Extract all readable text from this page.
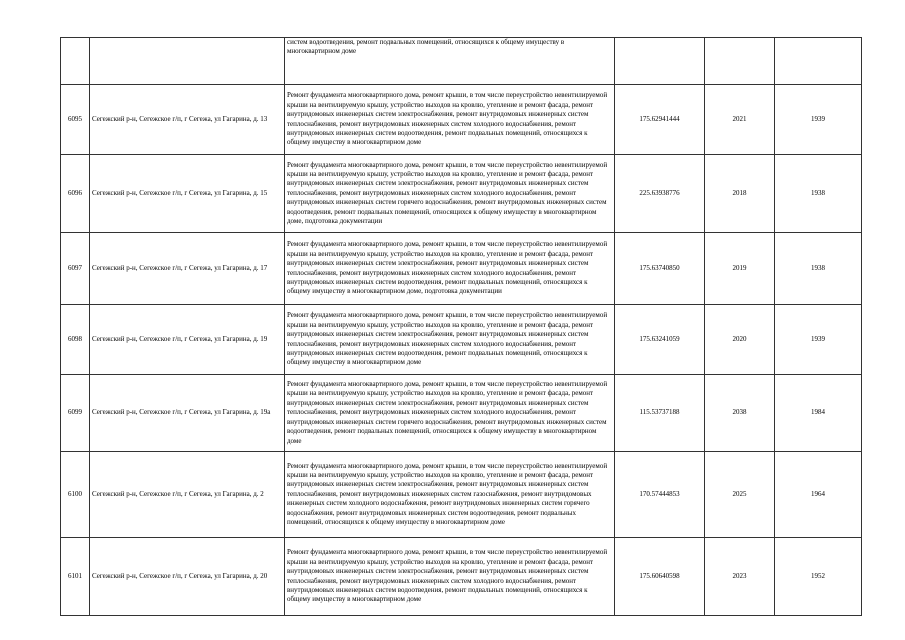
		систем водоотведения, ремонт подвальных помещений, относящихся к общему имуществу в многоквартирном доме			
6095	Сегежский р-н, Сегежское г/п, г Сегежа, ул Гагарина, д. 13	Ремонт фундамента многоквартирного дома, ремонт крыши, в том числе переустройство невентилируемой крыши на вентилируемую крышу, устройство выходов на кровлю, утепление и ремонт фасада, ремонт внутридомовых инженерных систем электроснабжения, ремонт внутридомовых инженерных систем теплоснабжения, ремонт внутридомовых инженерных систем холодного водоснабжения, ремонт внутридомовых инженерных систем водоотведения, ремонт подвальных помещений, относящихся к общему имуществу в многоквартирном доме	175.62941444	2021	1939
6096	Сегежский р-н, Сегежское г/п, г Сегежа, ул Гагарина, д. 15	Ремонт фундамента многоквартирного дома, ремонт крыши, в том числе переустройство невентилируемой крыши на вентилируемую крышу, устройство выходов на кровлю, утепление и ремонт фасада, ремонт внутридомовых инженерных систем электроснабжения, ремонт внутридомовых инженерных систем теплоснабжения, ремонт внутридомовых инженерных систем холодного водоснабжения, ремонт внутридомовых инженерных систем горячего водоснабжения, ремонт внутридомовых инженерных систем водоотведения, ремонт подвальных помещений, относящихся к общему имуществу в многоквартирном доме, подготовка документации	225.63938776	2018	1938
6097	Сегежский р-н, Сегежское г/п, г Сегежа, ул Гагарина, д. 17	Ремонт фундамента многоквартирного дома, ремонт крыши, в том числе переустройство невентилируемой крыши на вентилируемую крышу, устройство выходов на кровлю, утепление и ремонт фасада, ремонт внутридомовых инженерных систем электроснабжения, ремонт внутридомовых инженерных систем теплоснабжения, ремонт внутридомовых инженерных систем холодного водоснабжения, ремонт внутридомовых инженерных систем водоотведения, ремонт подвальных помещений, относящихся к общему имуществу в многоквартирном доме, подготовка документации	175.63740850	2019	1938
6098	Сегежский р-н, Сегежское г/п, г Сегежа, ул Гагарина, д. 19	Ремонт фундамента многоквартирного дома, ремонт крыши, в том числе переустройство невентилируемой крыши на вентилируемую крышу, устройство выходов на кровлю, утепление и ремонт фасада, ремонт внутридомовых инженерных систем электроснабжения, ремонт внутридомовых инженерных систем теплоснабжения, ремонт внутридомовых инженерных систем холодного водоснабжения, ремонт внутридомовых инженерных систем водоотведения, ремонт подвальных помещений, относящихся к общему имуществу в многоквартирном доме	175.63241059	2020	1939
6099	Сегежский р-н, Сегежское г/п, г Сегежа, ул Гагарина, д. 19а	Ремонт фундамента многоквартирного дома, ремонт крыши, в том числе переустройство невентилируемой крыши на вентилируемую крышу, устройство выходов на кровлю, утепление и ремонт фасада, ремонт внутридомовых инженерных систем электроснабжения, ремонт внутридомовых инженерных систем теплоснабжения, ремонт внутридомовых инженерных систем холодного водоснабжения, ремонт внутридомовых инженерных систем горячего водоснабжения, ремонт внутридомовых инженерных систем водоотведения, ремонт подвальных помещений, относящихся к общему имуществу в многоквартирном доме	115.53737188	2038	1984
6100	Сегежский р-н, Сегежское г/п, г Сегежа, ул Гагарина, д. 2	Ремонт фундамента многоквартирного дома, ремонт крыши, в том числе переустройство невентилируемой крыши на вентилируемую крышу, устройство выходов на кровлю, утепление и ремонт фасада, ремонт внутридомовых инженерных систем электроснабжения, ремонт внутридомовых инженерных систем теплоснабжения, ремонт внутридомовых инженерных систем газоснабжения, ремонт внутридомовых инженерных систем холодного водоснабжения, ремонт внутридомовых инженерных систем горячего водоснабжения, ремонт внутридомовых инженерных систем водоотведения, ремонт подвальных помещений, относящихся к общему имуществу в многоквартирном доме	170.57444853	2025	1964
6101	Сегежский р-н, Сегежское г/п, г Сегежа, ул Гагарина, д. 20	Ремонт фундамента многоквартирного дома, ремонт крыши, в том числе переустройство невентилируемой крыши на вентилируемую крышу, устройство выходов на кровлю, утепление и ремонт фасада, ремонт внутридомовых инженерных систем электроснабжения, ремонт внутридомовых инженерных систем теплоснабжения, ремонт внутридомовых инженерных систем холодного водоснабжения, ремонт внутридомовых инженерных систем водоотведения, ремонт подвальных помещений, относящихся к общему имуществу в многоквартирном доме	175.60640598	2023	1952
